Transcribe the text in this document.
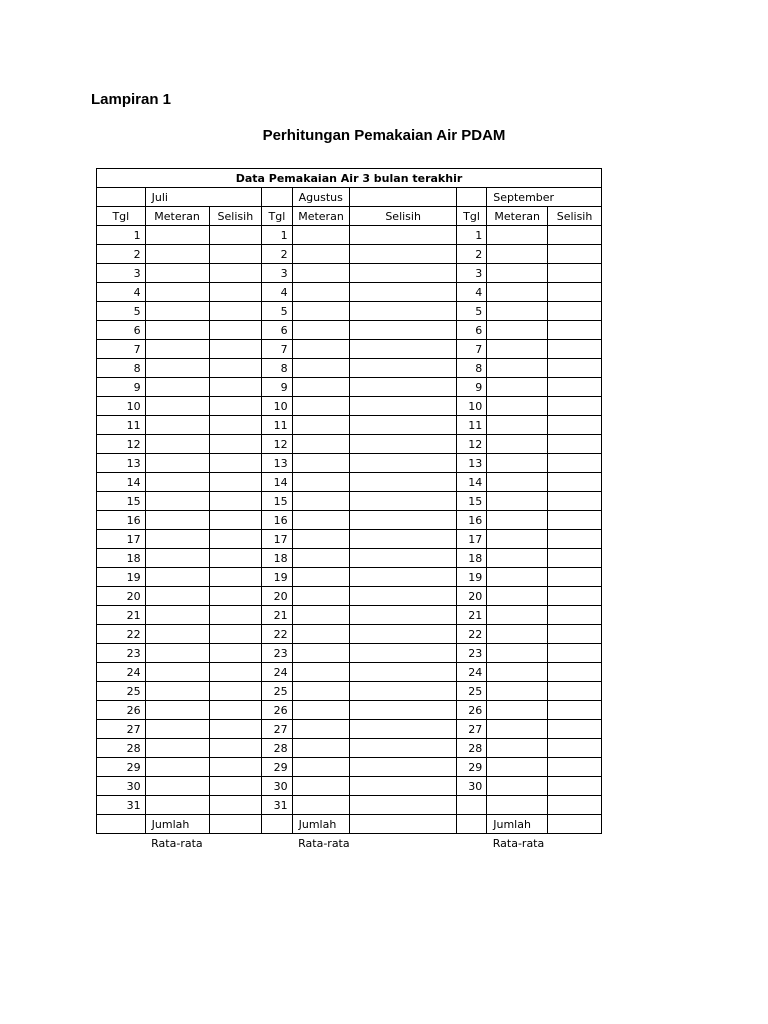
Lampiran 1
Perhitungan Pemakaian Air PDAM
Data Pemakaian Air 3 bulan terakhir								
	Juli			Agustus			September	
Tgl	Meteran	Selisih	Tgl	Meteran	Selisih	Tgl	Meteran	Selisih
1			1			1		
2			2			2		
3			3			3		
4			4			4		
5			5			5		
6			6			6		
7			7			7		
8			8			8		
9			9			9		
10			10			10		
11			11			11		
12			12			12		
13			13			13		
14			14			14		
15			15			15		
16			16			16		
17			17			17		
18			18			18		
19			19			19		
20			20			20		
21			21			21		
22			22			22		
23			23			23		
24			24			24		
25			25			25		
26			26			26		
27			27			27		
28			28			28		
29			29			29		
30			30			30		
31			31					
	Jumlah			Jumlah			Jumlah	
	Rata-rata			Rata-rata			Rata-rata	
